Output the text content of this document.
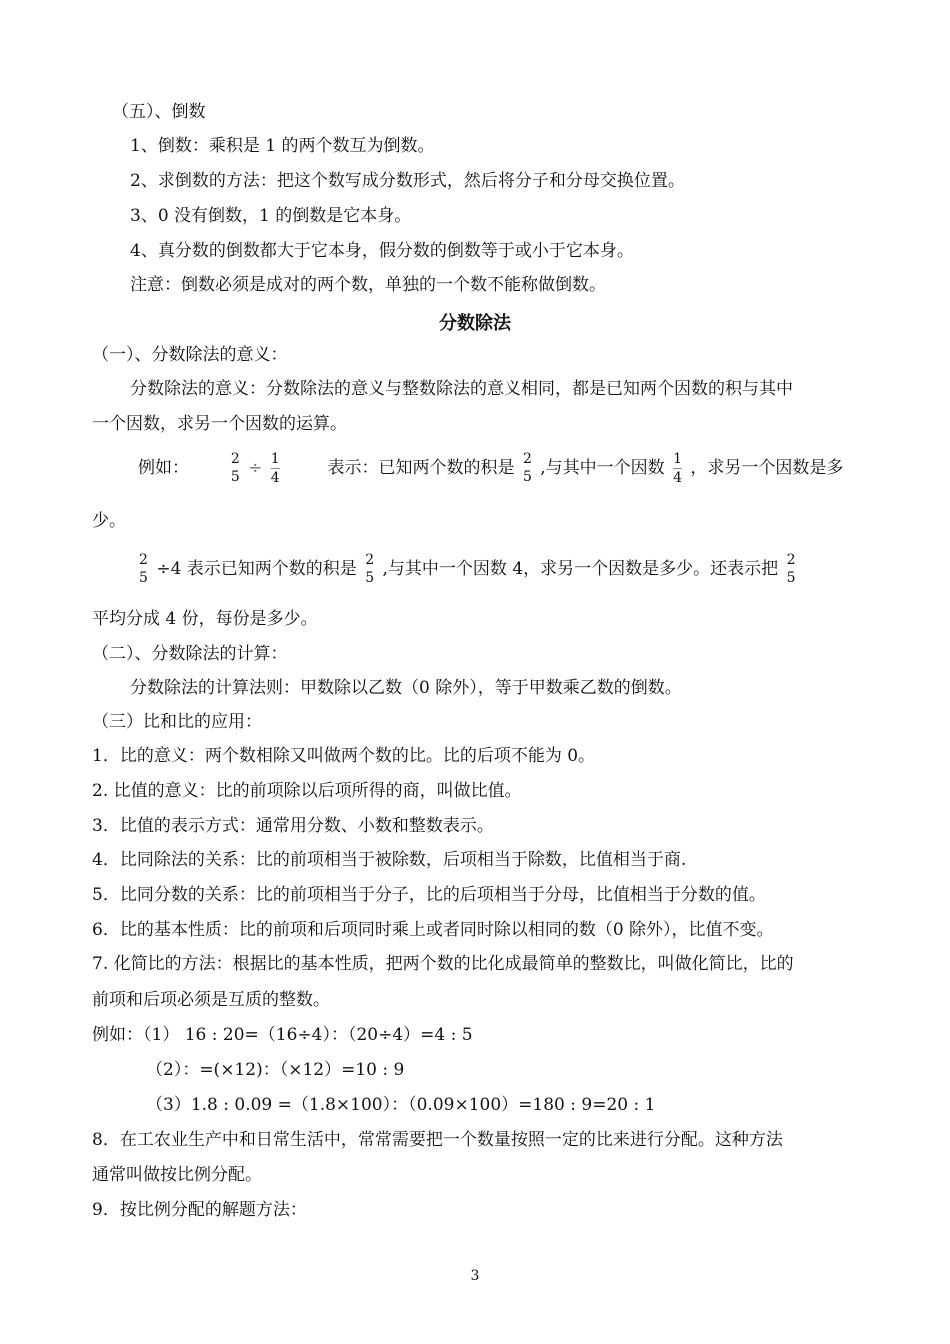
（五）、倒数
1、倒数：乘积是 1 的两个数互为倒数。
2、求倒数的方法：把这个数写成分数形式，然后将分子和分母交换位置。
3、0 没有倒数，1 的倒数是它本身。
4、真分数的倒数都大于它本身，假分数的倒数等于或小于它本身。
注意：倒数必须是成对的两个数，单独的一个数不能称做倒数。
分数除法
（一）、分数除法的意义：
分数除法的意义：分数除法的意义与整数除法的意义相同，都是已知两个因数的积与其中
一个因数，求另一个因数的运算。
例如：	2
$5 \div \frac{1}{4}$	表示：已知两个数的积是 2
5 ,与其中一个因数 $\frac{1}{4}$ ，求另一个因数是多
少。
2
5 ÷4 表示已知两个数的积是 2
5 ,与其中一个因数 4，求另一个因数是多少。还表示把 2
5
平均分成 4 份，每份是多少。
（二）、分数除法的计算：
分数除法的计算法则：甲数除以乙数（0 除外），等于甲数乘乙数的倒数。
（三）比和比的应用：
1．比的意义：两个数相除又叫做两个数的比。比的后项不能为 0。
2. 比值的意义：比的前项除以后项所得的商，叫做比值。
3．比值的表示方式：通常用分数、小数和整数表示。
4．比同除法的关系：比的前项相当于被除数，后项相当于除数，比值相当于商.
5．比同分数的关系：比的前项相当于分子，比的后项相当于分母，比值相当于分数的值。
6．比的基本性质：比的前项和后项同时乘上或者同时除以相同的数（0 除外），比值不变。
7. 化简比的方法：根据比的基本性质，把两个数的比化成最简单的整数比，叫做化简比，比的
前项和后项必须是互质的整数。
例如：（1） 16 : 20=（16÷4）：（20÷4）=4 : 5
（2）：=(×12)：（×12）=10 : 9
（3）1.8 : 0.09 =（1.8×100）：（0.09×100）=180 : 9=20 : 1
8．在工农业生产中和日常生活中，常常需要把一个数量按照一定的比来进行分配。这种方法
通常叫做按比例分配。
9．按比例分配的解题方法：
3
